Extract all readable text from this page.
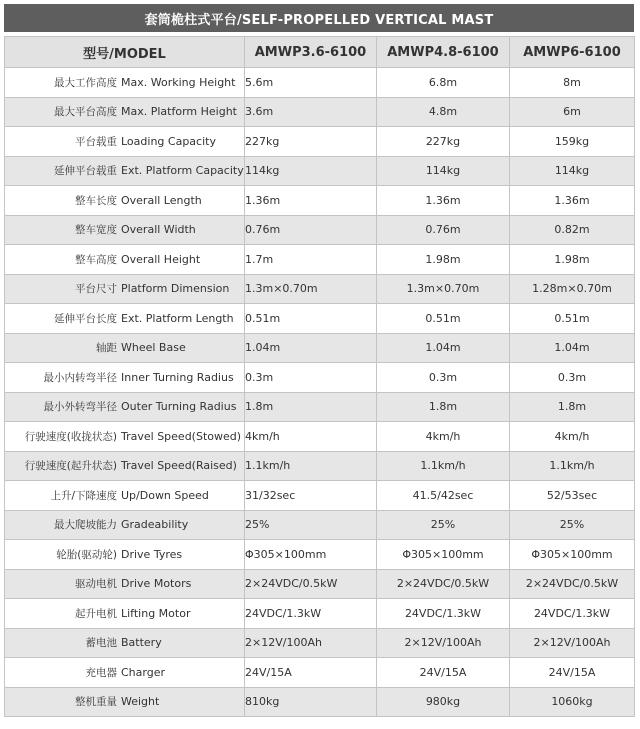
套筒桅柱式平台/SELF-PROPELLED VERTICAL MAST
型号/MODEL	AMWP3.6-6100	AMWP4.8-6100	AMWP6-6100

最大工作高度 Max. Working Height	5.6m	6.8m	8m

最大平台高度 Max. Platform Height	3.6m	4.8m	6m

平台载重 Loading Capacity	227kg	227kg	159kg

延伸平台载重 Ext. Platform Capacity	114kg	114kg	114kg

整车长度 Overall Length	1.36m	1.36m	1.36m

整车宽度 Overall Width	0.76m	0.76m	0.82m

整车高度 Overall Height	1.7m	1.98m	1.98m

平台尺寸 Platform Dimension	1.3m×0.70m	1.3m×0.70m	1.28m×0.70m

延伸平台长度 Ext. Platform Length	0.51m	0.51m	0.51m

轴距 Wheel Base	1.04m	1.04m	1.04m

最小内转弯半径 Inner Turning Radius	0.3m	0.3m	0.3m

最小外转弯半径 Outer Turning Radius	1.8m	1.8m	1.8m

行驶速度(收拢状态) Travel Speed(Stowed)	4km/h	4km/h	4km/h

行驶速度(起升状态) Travel Speed(Raised)	1.1km/h	1.1km/h	1.1km/h

上升/下降速度 Up/Down Speed	31/32sec	41.5/42sec	52/53sec

最大爬坡能力 Gradeability	25%	25%	25%

轮胎(驱动轮) Drive Tyres	Φ305×100mm	Φ305×100mm	Φ305×100mm

驱动电机 Drive Motors	2×24VDC/0.5kW	2×24VDC/0.5kW	2×24VDC/0.5kW

起升电机 Lifting Motor	24VDC/1.3kW	24VDC/1.3kW	24VDC/1.3kW

蓄电池 Battery	2×12V/100Ah	2×12V/100Ah	2×12V/100Ah

充电器 Charger	24V/15A	24V/15A	24V/15A

整机重量 Weight	810kg	980kg	1060kg
